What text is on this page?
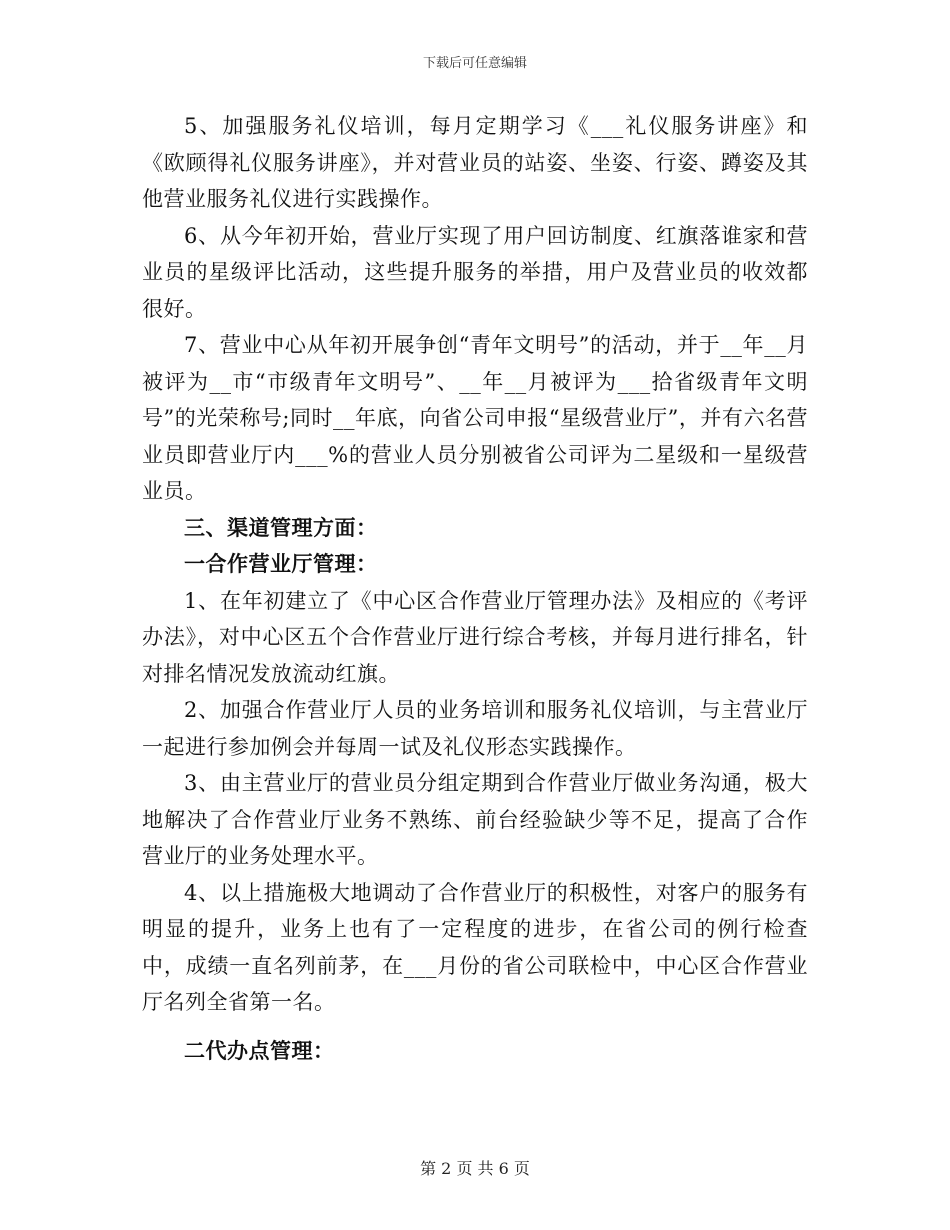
下载后可任意编辑

5、加强服务礼仪培训，每月定期学习《___礼仪服务讲座》和《欧顾得礼仪服务讲座》，并对营业员的站姿、坐姿、行姿、蹲姿及其他营业服务礼仪进行实践操作。

6、从今年初开始，营业厅实现了用户回访制度、红旗落谁家和营业员的星级评比活动，这些提升服务的举措，用户及营业员的收效都很好。

7、营业中心从年初开展争创“青年文明号”的活动，并于__年__月被评为__市“市级青年文明号”、__年__月被评为___拾省级青年文明号”的光荣称号;同时__年底，向省公司申报“星级营业厅”，并有六名营业员即营业厅内___%的营业人员分别被省公司评为二星级和一星级营业员。

三、渠道管理方面：

一合作营业厅管理：

1、在年初建立了《中心区合作营业厅管理办法》及相应的《考评办法》，对中心区五个合作营业厅进行综合考核，并每月进行排名，针对排名情况发放流动红旗。

2、加强合作营业厅人员的业务培训和服务礼仪培训，与主营业厅一起进行参加例会并每周一试及礼仪形态实践操作。

3、由主营业厅的营业员分组定期到合作营业厅做业务沟通，极大地解决了合作营业厅业务不熟练、前台经验缺少等不足，提高了合作营业厅的业务处理水平。

4、以上措施极大地调动了合作营业厅的积极性，对客户的服务有明显的提升，业务上也有了一定程度的进步，在省公司的例行检查中，成绩一直名列前茅，在___月份的省公司联检中，中心区合作营业厅名列全省第一名。

二代办点管理：

第 2 页 共 6 页
